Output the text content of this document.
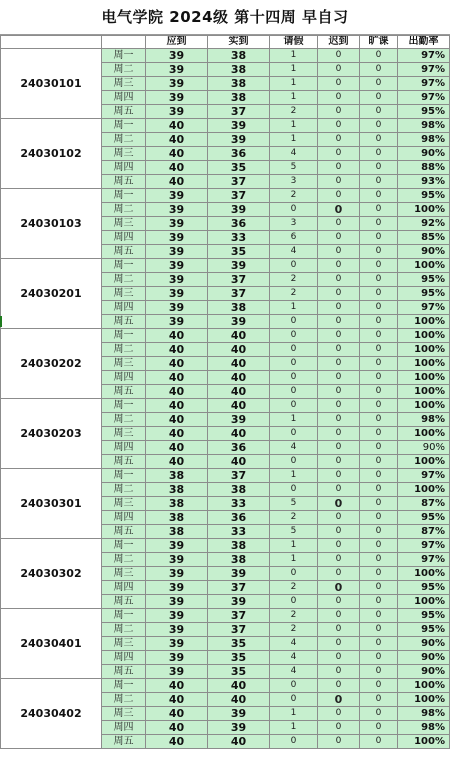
电气学院 2024级 第十四周 早自习
		应到	实到	请假	迟到	旷课	出勤率
24030101	周一	39	38	1	0	0	97%
	周二	39	38	1	0	0	97%
	周三	39	38	1	0	0	97%
	周四	39	38	1	0	0	97%
	周五	39	37	2	0	0	95%
24030102	周一	40	39	1	0	0	98%
	周二	40	39	1	0	0	98%
	周三	40	36	4	0	0	90%
	周四	40	35	5	0	0	88%
	周五	40	37	3	0	0	93%
24030103	周一	39	37	2	0	0	95%
	周二	39	39	0	0	0	100%
	周三	39	36	3	0	0	92%
	周四	39	33	6	0	0	85%
	周五	39	35	4	0	0	90%
24030201	周一	39	39	0	0	0	100%
	周二	39	37	2	0	0	95%
	周三	39	37	2	0	0	95%
	周四	39	38	1	0	0	97%
	周五	39	39	0	0	0	100%
24030202	周一	40	40	0	0	0	100%
	周二	40	40	0	0	0	100%
	周三	40	40	0	0	0	100%
	周四	40	40	0	0	0	100%
	周五	40	40	0	0	0	100%
24030203	周一	40	40	0	0	0	100%
	周二	40	39	1	0	0	98%
	周三	40	40	0	0	0	100%
	周四	40	36	4	0	0	90%
	周五	40	40	0	0	0	100%
24030301	周一	38	37	1	0	0	97%
	周二	38	38	0	0	0	100%
	周三	38	33	5	0	0	87%
	周四	38	36	2	0	0	95%
	周五	38	33	5	0	0	87%
24030302	周一	39	38	1	0	0	97%
	周二	39	38	1	0	0	97%
	周三	39	39	0	0	0	100%
	周四	39	37	2	0	0	95%
	周五	39	39	0	0	0	100%
24030401	周一	39	37	2	0	0	95%
	周二	39	37	2	0	0	95%
	周三	39	35	4	0	0	90%
	周四	39	35	4	0	0	90%
	周五	39	35	4	0	0	90%
24030402	周一	40	40	0	0	0	100%
	周二	40	40	0	0	0	100%
	周三	40	39	1	0	0	98%
	周四	40	39	1	0	0	98%
	周五	40	40	0	0	0	100%
